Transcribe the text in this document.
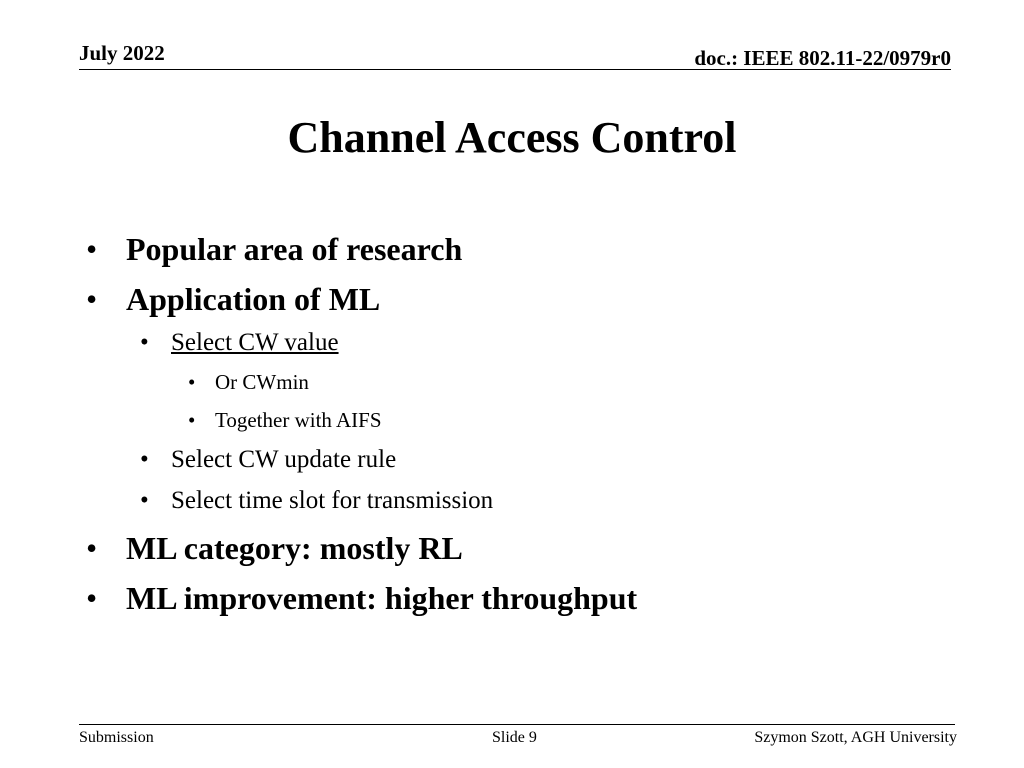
July 2022	doc.: IEEE 802.11-22/0979r0
Channel Access Control
• Popular area of research
• Application of ML
• Select CW value
• Or CWmin
• Together with AIFS
• Select CW update rule
• Select time slot for transmission
• ML category: mostly RL
• ML improvement: higher throughput
Submission	Slide 9	Szymon Szott, AGH University
